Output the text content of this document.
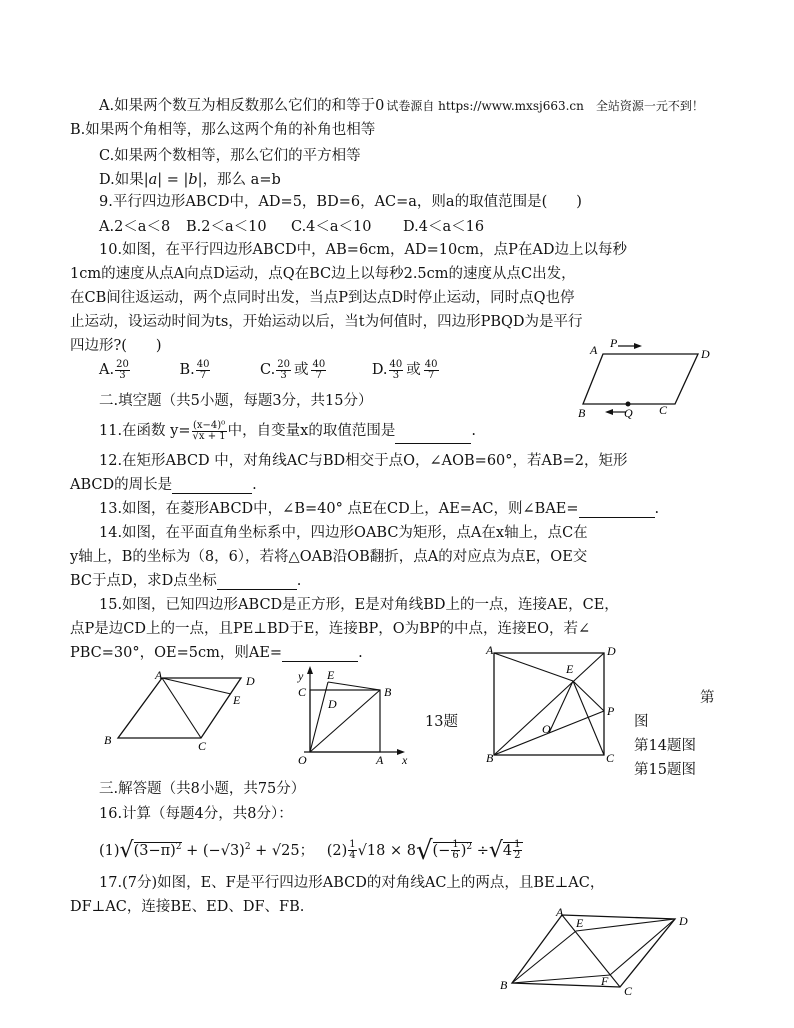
A.如果两个数互为相反数那么它们的和等于0 试卷源自 https://www.mxsj663.cn　全站资源一元不到！
B.如果两个角相等，那么这两个角的补角也相等
C.如果两个数相等，那么它们的平方相等
D.如果|a| = |b|，那么 a=b
9.平行四边形ABCD中，AD=5，BD=6，AC=a，则a的取值范围是(　　)
A.2＜a＜8 B.2＜a＜10 C.4＜a＜10 D.4＜a＜16
10.如图，在平行四边形ABCD中，AB=6cm，AD=10cm，点P在AD边上以每秒
1cm的速度从点A向点D运动，点Q在BC边上以每秒2.5cm的速度从点C出发，
在CB间往返运动，两个点同时出发，当点P到达点D时停止运动，同时点Q也停
止运动，设运动时间为ts，开始运动以后，当t为何值时，四边形PBQD为是平行
四边形?(　　)
A. $\frac{20}{3}$	B. $\frac{40}{7}$	C. $\frac{20}{3}$ 或 $\frac{40}{7}$	D. $\frac{40}{3}$ 或 $\frac{40}{7}$
A P
D
B	Q C
二.填空题（共5小题，每题3分，共15分）
11.在函数 $y= \frac{\text{(x−4)⁰}}{√x + 1}$ 中，自变量x的取值范围是	.
12.在矩形ABCD 中，对角线AC与BD相交于点O，∠AOB=60°，若AB=2，矩形
ABCD的周长是	.
13.如图，在菱形ABCD中，∠B=40° 点E在CD上，AE=AC，则∠BAE=	.
14.如图，在平面直角坐标系中，四边形OABC为矩形，点A在x轴上，点C在
y轴上，B的坐标为（8，6），若将△OAB沿OB翻折，点A的对应点为点E，OE交
BC于点D，求D点坐标	.
15.如图，已知四边形ABCD是正方形，E是对角线BD上的一点，连接AE，CE，
点P是边CD上的一点，且PE⊥BD于E，连接BP，O为BP的中点，连接EO，若∠
PBC=30°，OE=5cm，则AE=	.
A	D
E
B	C
y E
C	B
D
O	A x
13题
A	D
E
P
O
B	C
第
图
第14题图
第15题图
三.解答题（共8小题，共75分）
16.计算（每题4分，共8分）：
$(1)√(3-\pi)^2 + (-√3)^2 + √25$； $(2) \frac{1}{4} √18 \times 8√(- \frac{1}{6} )^2 \div√4 \frac{1}{2}$
17.(7分)如图，E、F是平行四边形ABCD的对角线AC上的两点，且BE⊥AC，
DF⊥AC，连接BE、ED、DF、FB.	A
E	D
B	F
C
